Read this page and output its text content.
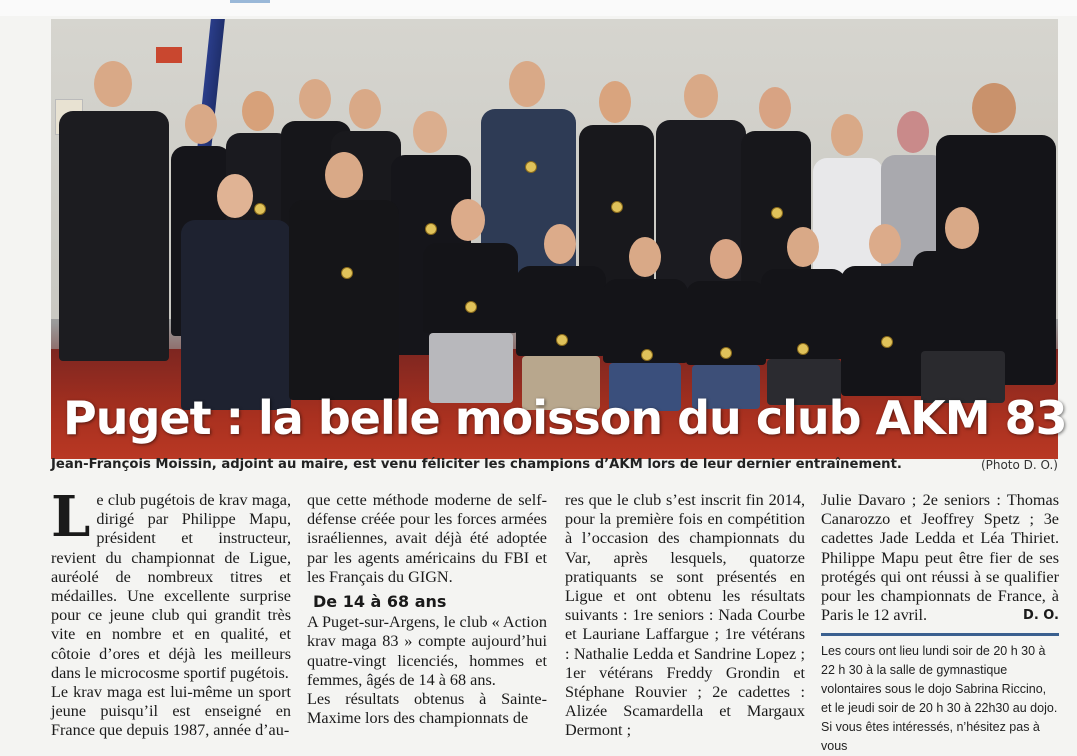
Puget : la belle moisson du club AKM 83
Jean-François Moissin, adjoint au maire, est venu féliciter les champions d’AKM lors de leur dernier entraînement.	(Photo D. O.)

Le club pugétois de krav maga, dirigé par Philippe Mapu, président et instructeur, revient du championnat de Ligue, auréolé de nombreux titres et médailles. Une excellente surprise pour ce jeune club qui grandit très vite en nombre et en qualité, et côtoie d’ores et déjà les meilleurs dans le microcosme sportif pugétois.

Le krav maga est lui-même un sport jeune puisqu’il est enseigné en France que depuis 1987, année d’au-

que cette méthode moderne de self-défense créée pour les forces armées israéliennes, avait déjà été adoptée par les agents américains du FBI et les Français du GIGN.

De 14 à 68 ans

A Puget-sur-Argens, le club « Action krav maga 83 » compte aujourd’hui quatre-vingt licenciés, hommes et femmes, âgés de 14 à 68 ans.

Les résultats obtenus à Sainte-Maxime lors des championnats de

res que le club s’est inscrit fin 2014, pour la première fois en compétition à l’occasion des championnats du Var, après lesquels, quatorze pratiquants se sont présentés en Ligue et ont obtenu les résultats suivants : 1re seniors : Nada Courbe et Lauriane Laffargue ; 1re vétérans : Nathalie Ledda et Sandrine Lopez ; 1er vétérans Freddy Grondin et Stéphane Rouvier ; 2e cadettes : Alizée Scamardella et Margaux Dermont ;

Julie Davaro ; 2e seniors : Thomas Canarozzo et Jeoffrey Spetz ; 3e cadettes Jade Ledda et Léa Thiriet. Philippe Mapu peut être fier de ses protégés qui ont réussi à se qualifier pour les championnats de France, à Paris le 12 avril.	D. O.

Les cours ont lieu lundi soir de 20 h 30 à 22 h 30 à la salle de gymnastique volontaires sous le dojo Sabrina Riccino, et le jeudi soir de 20 h 30 à 22h30 au dojo. Si vous êtes intéressés, n’hésitez pas à vous
